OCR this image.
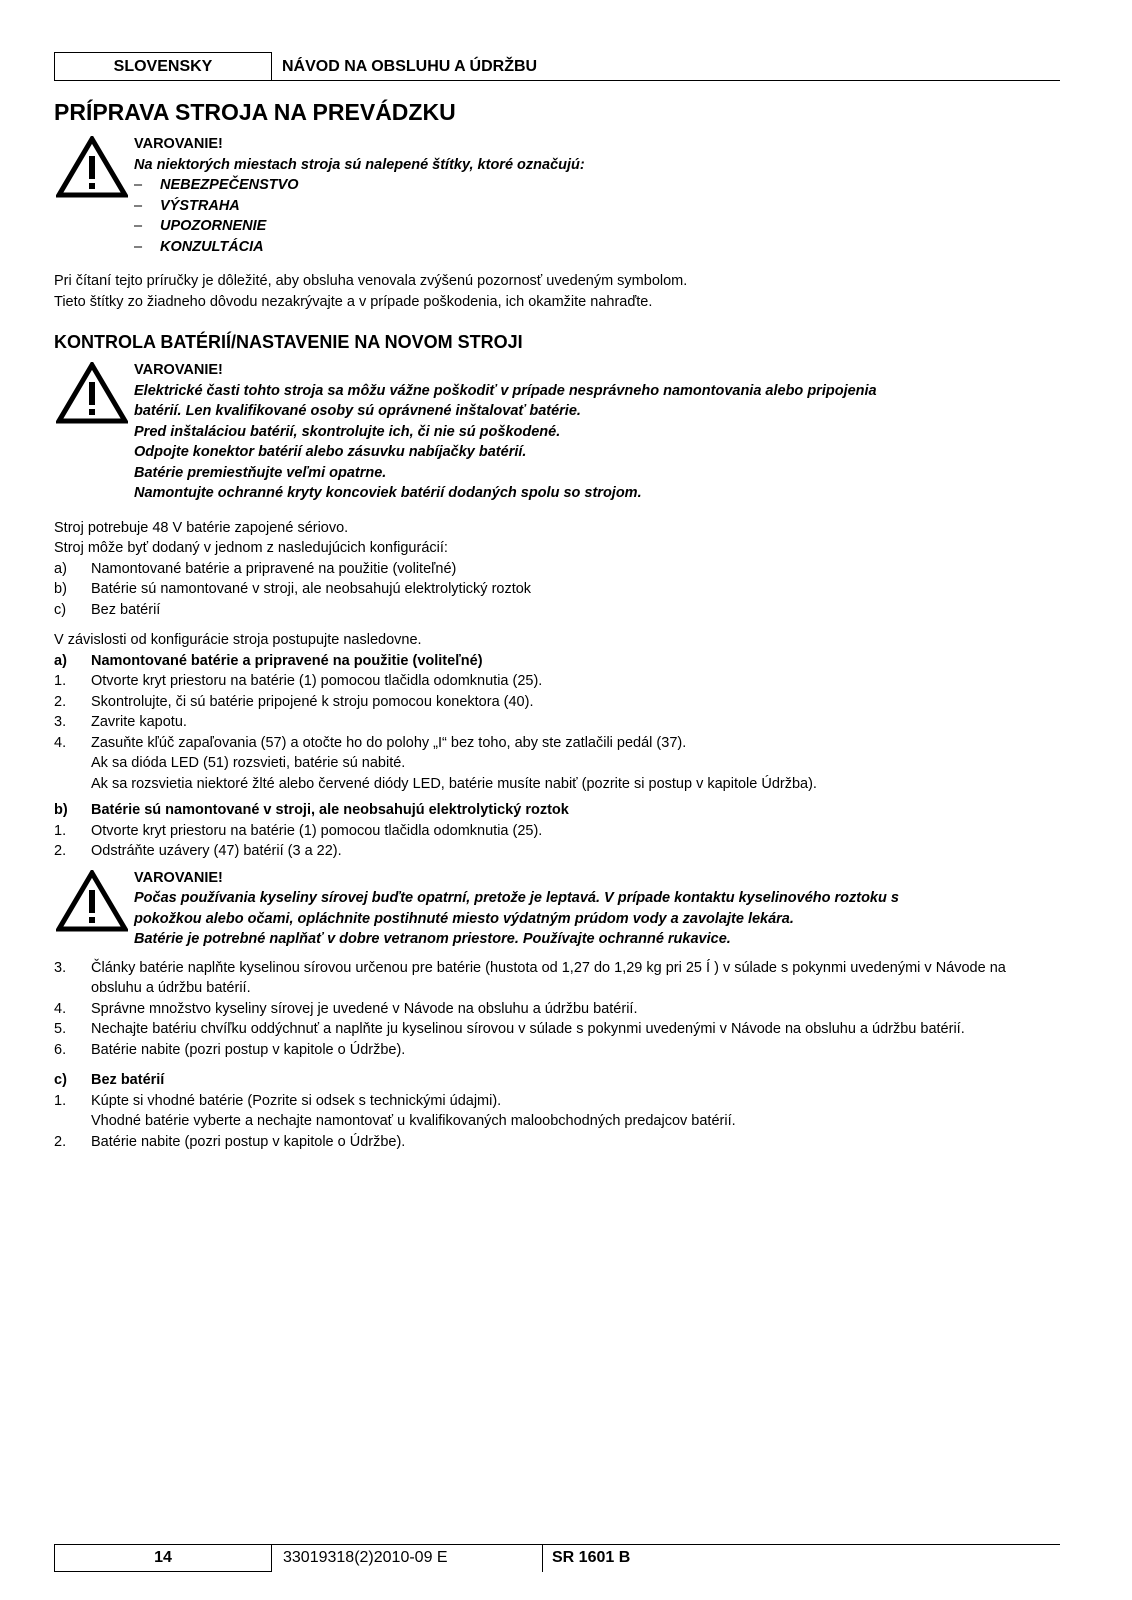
SLOVENSKY	NÁVOD NA OBSLUHU A ÚDRŽBU
PRÍPRAVA STROJA NA PREVÁDZKU
VAROVANIE!
Na niektorých miestach stroja sú nalepené štítky, ktoré označujú:
–	NEBEZPEČENSTVO
–	VÝSTRAHA
–	UPOZORNENIE
–	KONZULTÁCIA

Pri čítaní tejto príručky je dôležité, aby obsluha venovala zvýšenú pozornosť uvedeným symbolom.

Tieto štítky zo žiadneho dôvodu nezakrývajte a v prípade poškodenia, ich okamžite nahraďte.

KONTROLA BATÉRIÍ/NASTAVENIE NA NOVOM STROJI
VAROVANIE!
Elektrické časti tohto stroja sa môžu vážne poškodiť v prípade nesprávneho namontovania alebo pripojenia
batérií. Len kvalifikované osoby sú oprávnené inštalovať batérie.
Pred inštaláciou batérií, skontrolujte ich, či nie sú poškodené.
Odpojte konektor batérií alebo zásuvku nabíjačky batérií.
Batérie premiestňujte veľmi opatrne.
Namontujte ochranné kryty koncoviek batérií dodaných spolu so strojom.

Stroj potrebuje 48 V batérie zapojené sériovo.

Stroj môže byť dodaný v jednom z nasledujúcich konfigurácií:

a)	Namontované batérie a pripravené na použitie (voliteľné)
b)	Batérie sú namontované v stroji, ale neobsahujú elektrolytický roztok
c)	Bez batérií

V závislosti od konfigurácie stroja postupujte nasledovne.

a)	Namontované batérie a pripravené na použitie (voliteľné)
1.	Otvorte kryt priestoru na batérie (1) pomocou tlačidla odomknutia (25).
2.	Skontrolujte, či sú batérie pripojené k stroju pomocou konektora (40).
3.	Zavrite kapotu.
4.	Zasuňte kľúč zapaľovania (57) a otočte ho do polohy „I“ bez toho, aby ste zatlačili pedál (37).
Ak sa dióda LED (51) rozsvieti, batérie sú nabité.
Ak sa rozsvietia niektoré žlté alebo červené diódy LED, batérie musíte nabiť (pozrite si postup v kapitole Údržba).
b)	Batérie sú namontované v stroji, ale neobsahujú elektrolytický roztok
1.	Otvorte kryt priestoru na batérie (1) pomocou tlačidla odomknutia (25).
2.	Odstráňte uzávery (47) batérií (3 a 22).
VAROVANIE!
Počas používania kyseliny sírovej buďte opatrní, pretože je leptavá. V prípade kontaktu kyselinového roztoku s
pokožkou alebo očami, opláchnite postihnuté miesto výdatným prúdom vody a zavolajte lekára.
Batérie je potrebné naplňať v dobre vetranom priestore. Používajte ochranné rukavice.
3.	Články batérie naplňte kyselinou sírovou určenou pre batérie (hustota od 1,27 do 1,29 kg pri 25 Í ) v súlade s pokynmi uvedenými v Návode na obsluhu a údržbu batérií.
4.	Správne množstvo kyseliny sírovej je uvedené v Návode na obsluhu a údržbu batérií.
5.	Nechajte batériu chvíľku oddýchnuť a naplňte ju kyselinou sírovou v súlade s pokynmi uvedenými v Návode na obsluhu a údržbu batérií.
6.	Batérie nabite (pozri postup v kapitole o Údržbe).
c)	Bez batérií
1.	Kúpte si vhodné batérie (Pozrite si odsek s technickými údajmi).
Vhodné batérie vyberte a nechajte namontovať u kvalifikovaných maloobchodných predajcov batérií.
2.	Batérie nabite (pozri postup v kapitole o Údržbe).
14	33019318(2)2010-09 E	SR 1601 B
